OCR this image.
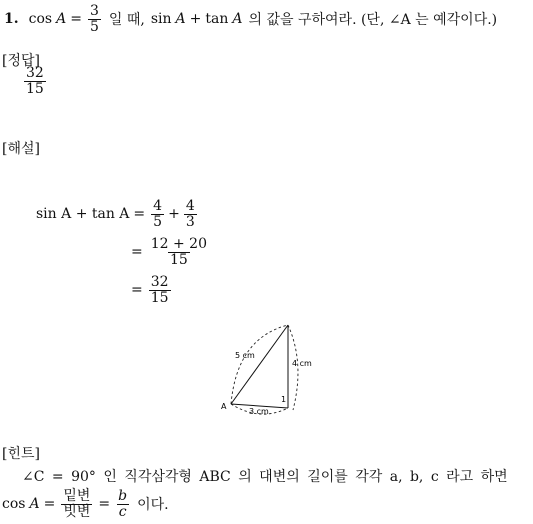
1. $\cos A = \frac{3}{5}$ 일 때, sin A + tan A 의 값을 구하여라. (단, ∠A 는 예각이다.)
[정답]
$\frac{32}{15}$
[해설]
$\sin A + \tan A = \frac{4}{5} + \frac{4}{3}$
= $\frac{12 + 20}{15}$
= $\frac{32}{15}$
5 cm
4 cm
3 cm
A
1
[힌트]
∠C = 90° 인 직각삼각형 ABC 의 대변의 길이를 각각 a, b, c 라고 하면
$\cos A = \frac{\text{밑변}}{\text{빗변}} = \frac{b}{c}$ 이다.
